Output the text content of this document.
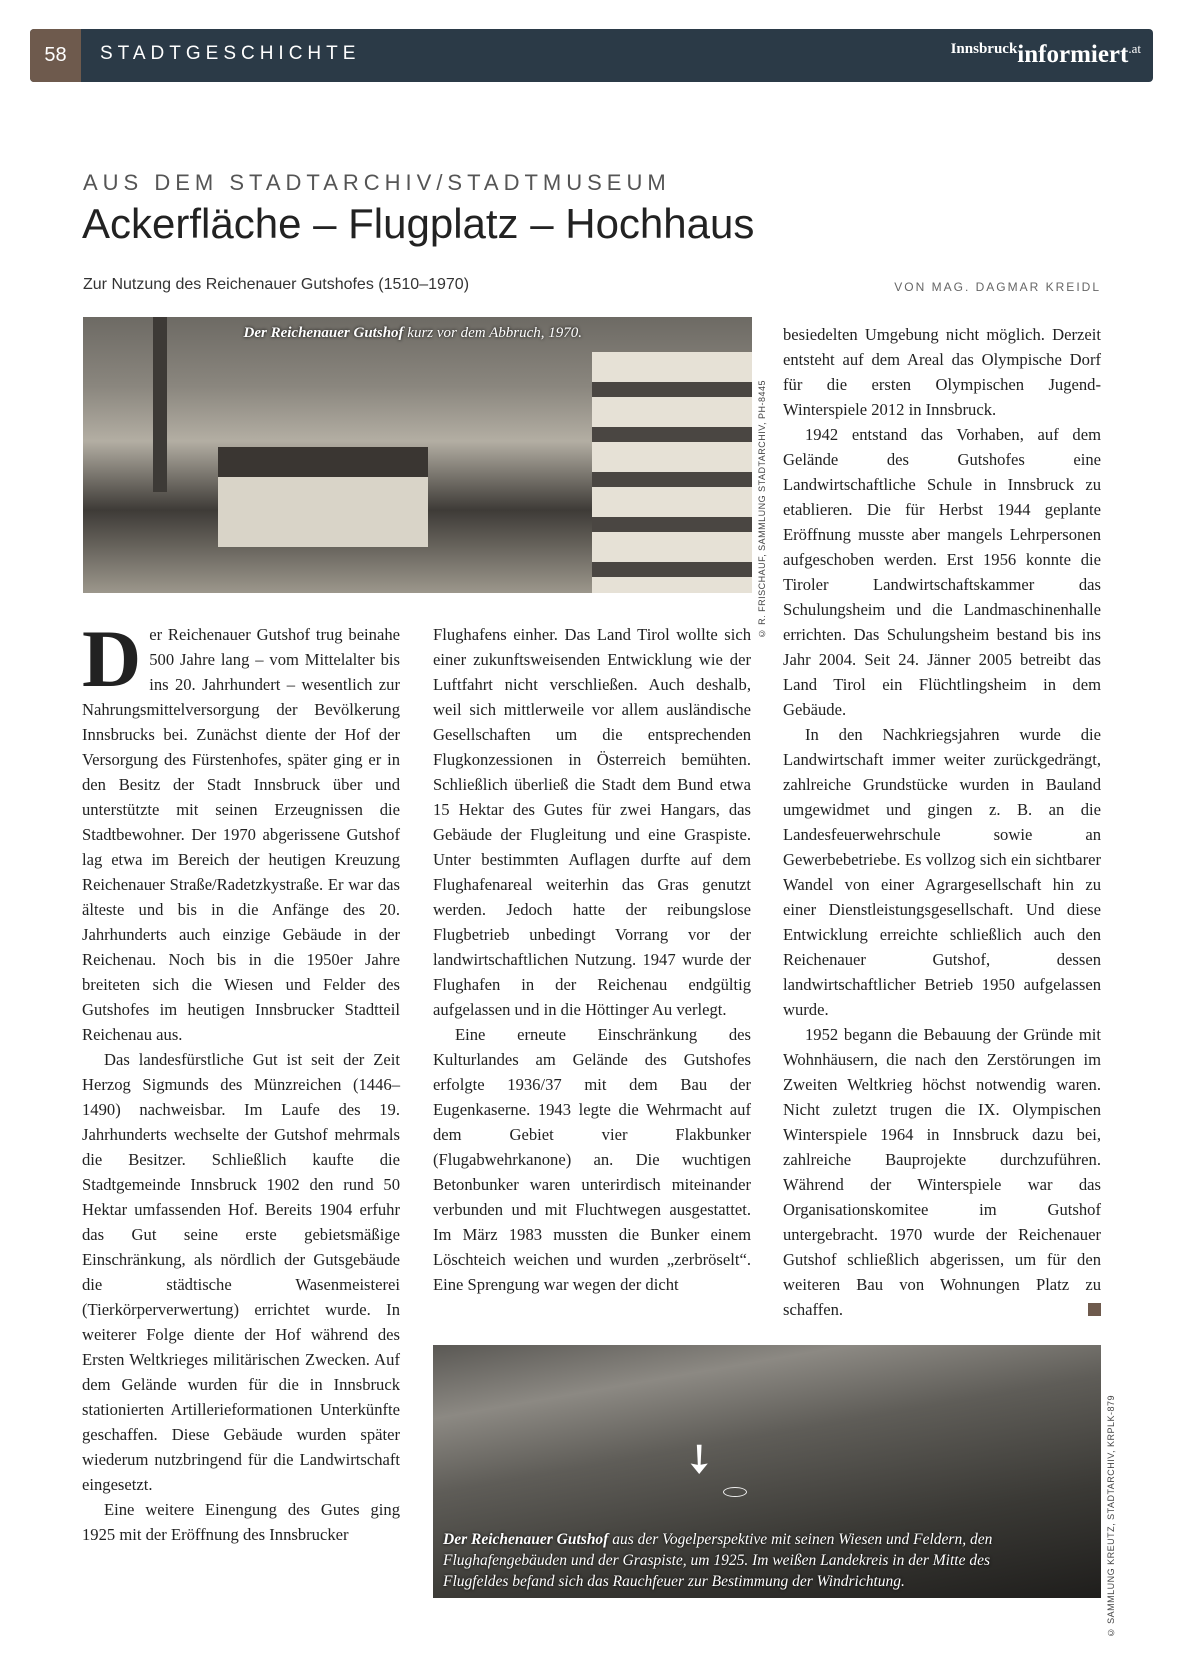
58	STADTGESCHICHTE	Innsbruckinformiert$^{.at}$
AUS DEM STADTARCHIV/STADTMUSEUM
Ackerfläche – Flugplatz – Hochhaus
Zur Nutzung des Reichenauer Gutshofes (1510–1970)	VON MAG. DAGMAR KREIDL
Der Reichenauer Gutshof kurz vor dem Abbruch, 1970.
© R. FRISCHAUF, SAMMLUNG STADTARCHIV, PH-8445

Der Reichenauer Gutshof trug beinahe 500 Jahre lang – vom Mittelalter bis ins 20. Jahrhundert – wesentlich zur Nahrungsmittelversorgung der Bevölkerung Innsbrucks bei. Zunächst diente der Hof der Versorgung des Fürstenhofes, später ging er in den Besitz der Stadt Innsbruck über und unterstützte mit seinen Erzeugnissen die Stadtbewohner. Der 1970 abgerissene Gutshof lag etwa im Bereich der heutigen Kreuzung Reichenauer Straße/Radetzkystraße. Er war das älteste und bis in die Anfänge des 20. Jahrhunderts auch einzige Gebäude in der Reichenau. Noch bis in die 1950er Jahre breiteten sich die Wiesen und Felder des Gutshofes im heutigen Innsbrucker Stadtteil Reichenau aus.

Das landesfürstliche Gut ist seit der Zeit Herzog Sigmunds des Münzreichen (1446–1490) nachweisbar. Im Laufe des 19. Jahrhunderts wechselte der Gutshof mehrmals die Besitzer. Schließlich kaufte die Stadtgemeinde Innsbruck 1902 den rund 50 Hektar umfassenden Hof. Bereits 1904 erfuhr das Gut seine erste gebietsmäßige Einschränkung, als nördlich der Gutsgebäude die städtische Wasenmeisterei (Tierkörperverwertung) errichtet wurde. In weiterer Folge diente der Hof während des Ersten Weltkrieges militärischen Zwecken. Auf dem Gelände wurden für die in Innsbruck stationierten Artillerieformationen Unterkünfte geschaffen. Diese Gebäude wurden später wiederum nutzbringend für die Landwirtschaft eingesetzt.

Eine weitere Einengung des Gutes ging 1925 mit der Eröffnung des Innsbrucker

Flughafens einher. Das Land Tirol wollte sich einer zukunftsweisenden Entwicklung wie der Luftfahrt nicht verschließen. Auch deshalb, weil sich mittlerweile vor allem ausländische Gesellschaften um die entsprechenden Flugkonzessionen in Österreich bemühten. Schließlich überließ die Stadt dem Bund etwa 15 Hektar des Gutes für zwei Hangars, das Gebäude der Flugleitung und eine Graspiste. Unter bestimmten Auflagen durfte auf dem Flughafenareal weiterhin das Gras genutzt werden. Jedoch hatte der reibungslose Flugbetrieb unbedingt Vorrang vor der landwirtschaftlichen Nutzung. 1947 wurde der Flughafen in der Reichenau endgültig aufgelassen und in die Höttinger Au verlegt.

Eine erneute Einschränkung des Kulturlandes am Gelände des Gutshofes erfolgte 1936/37 mit dem Bau der Eugenkaserne. 1943 legte die Wehrmacht auf dem Gebiet vier Flakbunker (Flugabwehrkanone) an. Die wuchtigen Betonbunker waren unterirdisch miteinander verbunden und mit Fluchtwegen ausgestattet. Im März 1983 mussten die Bunker einem Löschteich weichen und wurden „zerbröselt“. Eine Sprengung war wegen der dicht

besiedelten Umgebung nicht möglich. Derzeit entsteht auf dem Areal das Olympische Dorf für die ersten Olympischen Jugend-Winterspiele 2012 in Innsbruck.

1942 entstand das Vorhaben, auf dem Gelände des Gutshofes eine Landwirtschaftliche Schule in Innsbruck zu etablieren. Die für Herbst 1944 geplante Eröffnung musste aber mangels Lehrpersonen aufgeschoben werden. Erst 1956 konnte die Tiroler Landwirtschaftskammer das Schulungsheim und die Landmaschinenhalle errichten. Das Schulungsheim bestand bis ins Jahr 2004. Seit 24. Jänner 2005 betreibt das Land Tirol ein Flüchtlingsheim in dem Gebäude.

In den Nachkriegsjahren wurde die Landwirtschaft immer weiter zurückgedrängt, zahlreiche Grundstücke wurden in Bauland umgewidmet und gingen z. B. an die Landesfeuerwehrschule sowie an Gewerbebetriebe. Es vollzog sich ein sichtbarer Wandel von einer Agrargesellschaft hin zu einer Dienstleistungsgesellschaft. Und diese Entwicklung erreichte schließlich auch den Reichenauer Gutshof, dessen landwirtschaftlicher Betrieb 1950 aufgelassen wurde.

1952 begann die Bebauung der Gründe mit Wohnhäusern, die nach den Zerstörungen im Zweiten Weltkrieg höchst notwendig waren. Nicht zuletzt trugen die IX. Olympischen Winterspiele 1964 in Innsbruck dazu bei, zahlreiche Bauprojekte durchzuführen. Während der Winterspiele war das Organisationskomitee im Gutshof untergebracht. 1970 wurde der Reichenauer Gutshof schließlich abgerissen, um für den weiteren Bau von Wohnungen Platz zu schaffen.

➘
Der Reichenauer Gutshof aus der Vogelperspektive mit seinen Wiesen und Feldern, den Flughafengebäuden und der Graspiste, um 1925. Im weißen Landekreis in der Mitte des Flugfeldes befand sich das Rauchfeuer zur Bestimmung der Windrichtung.	© SAMMLUNG KREUTZ, STADTARCHIV, KRPLK-879
